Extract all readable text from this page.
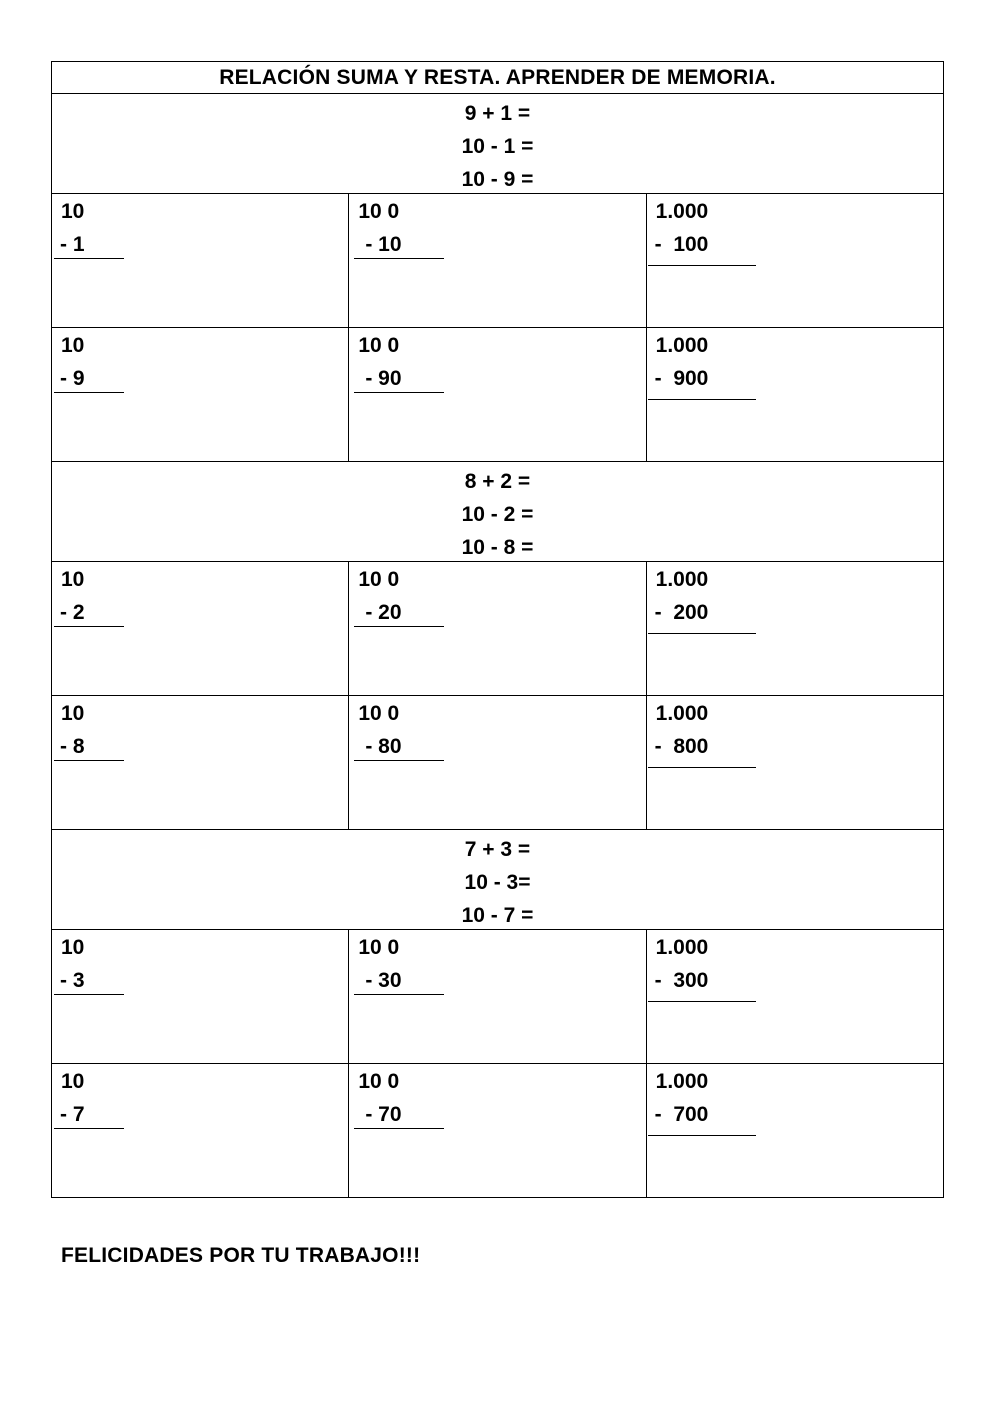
RELACIÓN SUMA Y RESTA. APRENDER DE MEMORIA.
9 + 1 =
10 - 1 =
10 - 9 =
10
- 1
10 0
- 10
1.000
-  100
10
- 9
10 0
- 90
1.000
-  900
8 + 2 =
10 - 2 =
10 - 8 =
10
- 2
10 0
- 20
1.000
-  200
10
- 8
10 0
- 80
1.000
-  800
7 + 3 =
10 - 3=
10 - 7 =
10
- 3
10 0
- 30
1.000
-  300
10
- 7
10 0
- 70
1.000
-  700
FELICIDADES POR TU TRABAJO!!!
